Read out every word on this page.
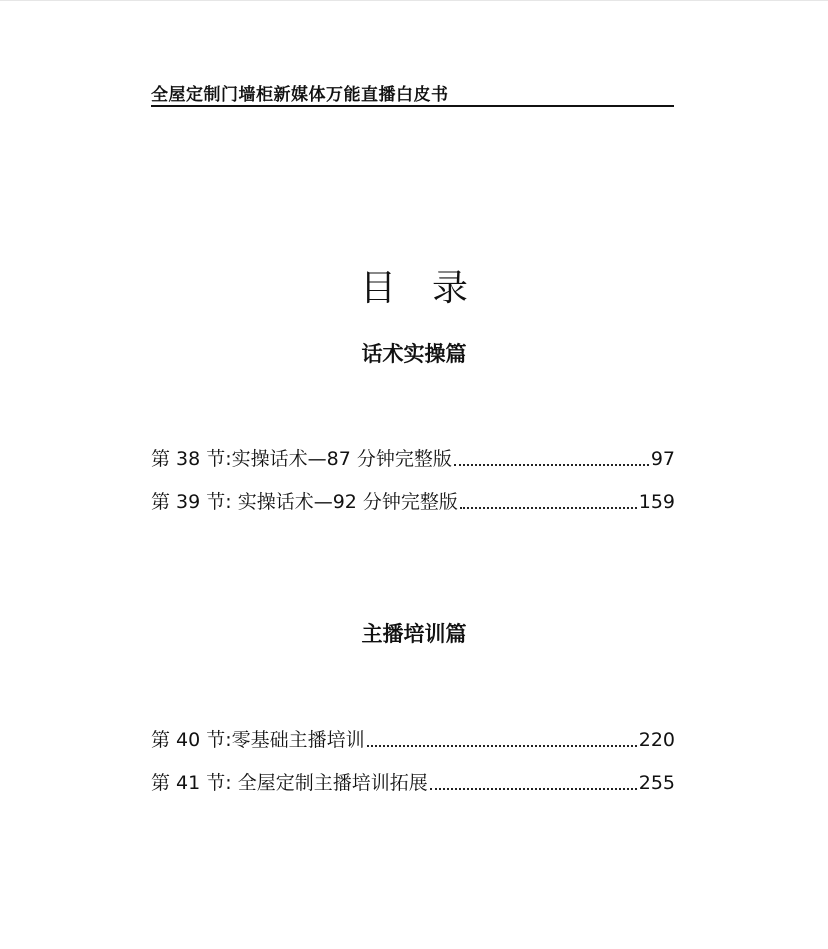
全屋定制门墙柜新媒体万能直播白皮书
目录
话术实操篇
第 38 节:实操话术—87 分钟完整版	97
第 39 节: 实操话术—92 分钟完整版	159
主播培训篇
第 40 节:零基础主播培训	220
第 41 节: 全屋定制主播培训拓展	255
